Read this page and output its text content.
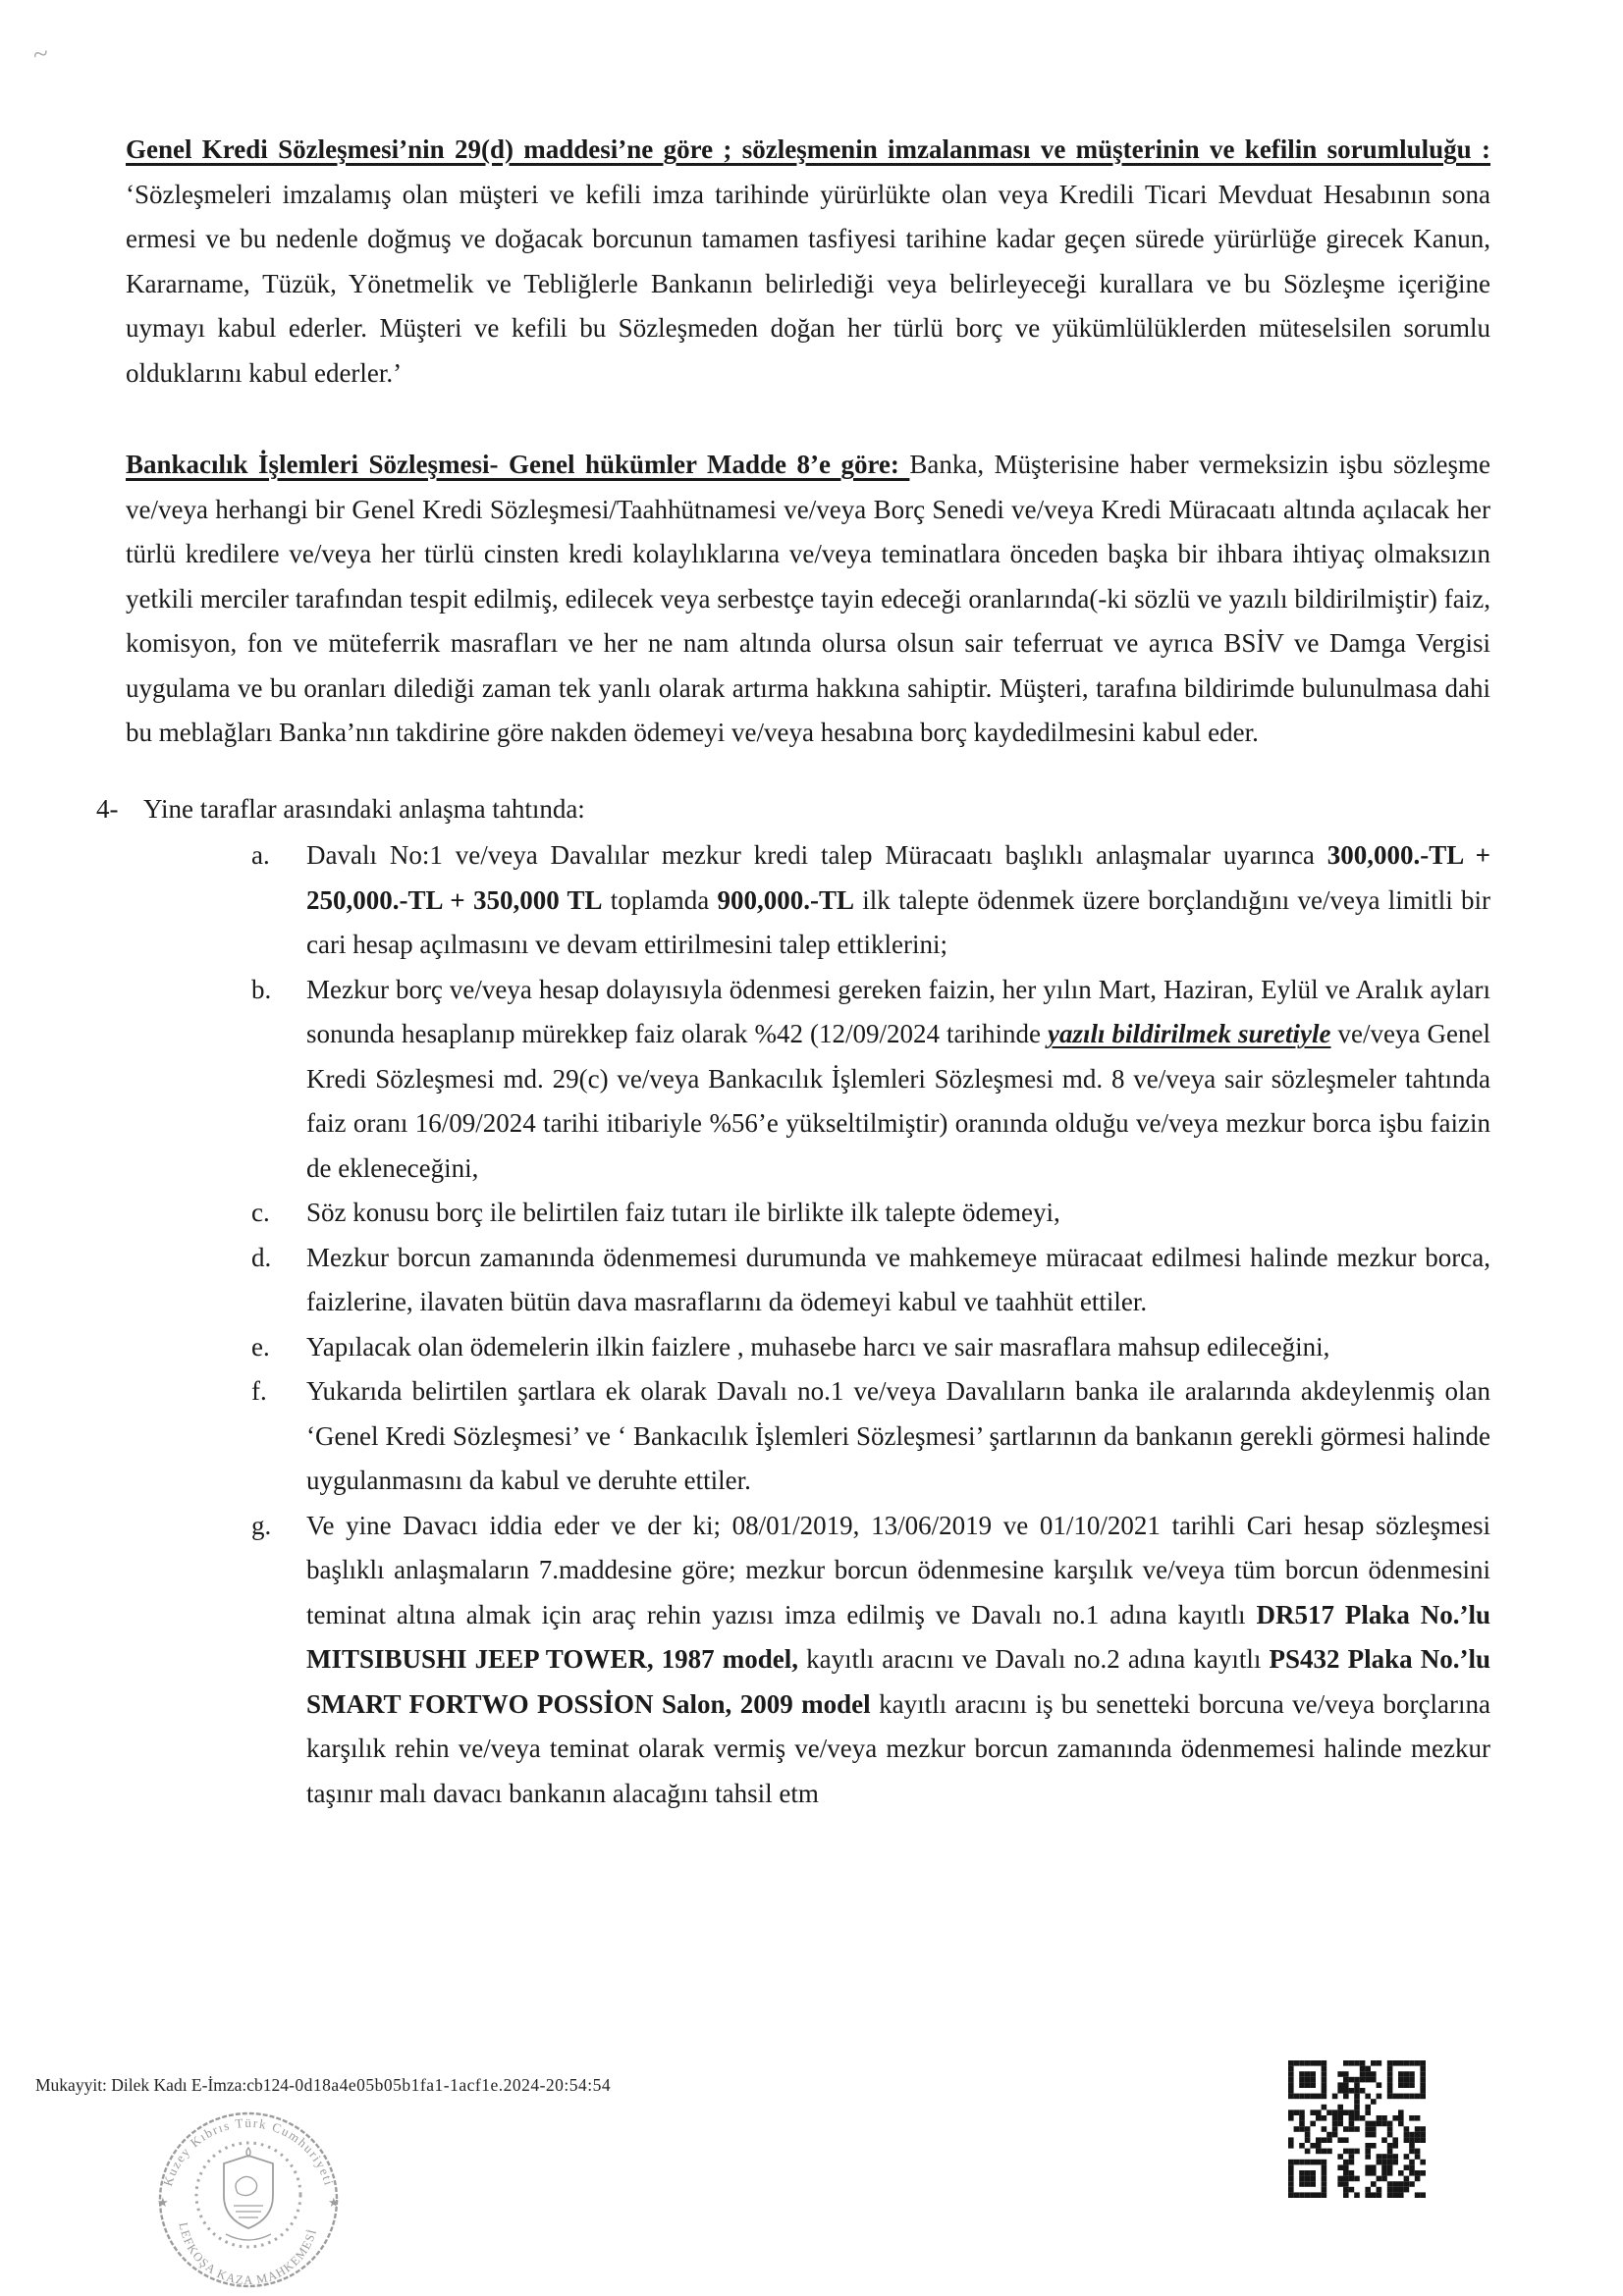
~

Genel Kredi Sözleşmesi’nin 29(d) maddesi’ne göre ; sözleşmenin imzalanması ve müşterinin ve kefilin sorumluluğu : ‘Sözleşmeleri imzalamış olan müşteri ve kefili imza tarihinde yürürlükte olan veya Kredili Ticari Mevduat Hesabının sona ermesi ve bu nedenle doğmuş ve doğacak borcunun tamamen tasfiyesi tarihine kadar geçen sürede yürürlüğe girecek Kanun, Kararname, Tüzük, Yönetmelik ve Tebliğlerle Bankanın belirlediği veya belirleyeceği kurallara ve bu Sözleşme içeriğine uymayı kabul ederler. Müşteri ve kefili bu Sözleşmeden doğan her türlü borç ve yükümlülüklerden müteselsilen sorumlu olduklarını kabul ederler.’

Bankacılık İşlemleri Sözleşmesi- Genel hükümler Madde 8’e göre: Banka, Müşterisine haber vermeksizin işbu sözleşme ve/veya herhangi bir Genel Kredi Sözleşmesi/Taahhütnamesi ve/veya Borç Senedi ve/veya Kredi Müracaatı altında açılacak her türlü kredilere ve/veya her türlü cinsten kredi kolaylıklarına ve/veya teminatlara önceden başka bir ihbara ihtiyaç olmaksızın yetkili merciler tarafından tespit edilmiş, edilecek veya serbestçe tayin edeceği oranlarında(-ki sözlü ve yazılı bildirilmiştir) faiz, komisyon, fon ve müteferrik masrafları ve her ne nam altında olursa olsun sair teferruat ve ayrıca BSİV ve Damga Vergisi uygulama ve bu oranları dilediği zaman tek yanlı olarak artırma hakkına sahiptir. Müşteri, tarafına bildirimde bulunulmasa dahi bu meblağları Banka’nın takdirine göre nakden ödemeyi ve/veya hesabına borç kaydedilmesini kabul eder.

4- Yine taraflar arasındaki anlaşma tahtında:
a.	Davalı No:1 ve/veya Davalılar mezkur kredi talep Müracaatı başlıklı anlaşmalar uyarınca 300,000.-TL + 250,000.-TL + 350,000 TL toplamda 900,000.-TL ilk talepte ödenmek üzere borçlandığını ve/veya limitli bir cari hesap açılmasını ve devam ettirilmesini talep ettiklerini;
b.	Mezkur borç ve/veya hesap dolayısıyla ödenmesi gereken faizin, her yılın Mart, Haziran, Eylül ve Aralık ayları sonunda hesaplanıp mürekkep faiz olarak %42 (12/09/2024 tarihinde yazılı bildirilmek suretiyle ve/veya Genel Kredi Sözleşmesi md. 29(c) ve/veya Bankacılık İşlemleri Sözleşmesi md. 8 ve/veya sair sözleşmeler tahtında faiz oranı 16/09/2024 tarihi itibariyle %56’e yükseltilmiştir) oranında olduğu ve/veya mezkur borca işbu faizin de ekleneceğini,
c.	Söz konusu borç ile belirtilen faiz tutarı ile birlikte ilk talepte ödemeyi,
d.	Mezkur borcun zamanında ödenmemesi durumunda ve mahkemeye müracaat edilmesi halinde mezkur borca, faizlerine, ilavaten bütün dava masraflarını da ödemeyi kabul ve taahhüt ettiler.
e.	Yapılacak olan ödemelerin ilkin faizlere , muhasebe harcı ve sair masraflara mahsup edileceğini,
f.	Yukarıda belirtilen şartlara ek olarak Davalı no.1 ve/veya Davalıların banka ile aralarında akdeylenmiş olan ‘Genel Kredi Sözleşmesi’ ve ‘ Bankacılık İşlemleri Sözleşmesi’ şartlarının da bankanın gerekli görmesi halinde uygulanmasını da kabul ve deruhte ettiler.
g.	Ve yine Davacı iddia eder ve der ki; 08/01/2019, 13/06/2019 ve 01/10/2021 tarihli Cari hesap sözleşmesi başlıklı anlaşmaların 7.maddesine göre; mezkur borcun ödenmesine karşılık ve/veya tüm borcun ödenmesini teminat altına almak için araç rehin yazısı imza edilmiş ve Davalı no.1 adına kayıtlı DR517 Plaka No.’lu MITSIBUSHI JEEP TOWER, 1987 model, kayıtlı aracını ve Davalı no.2 adına kayıtlı PS432 Plaka No.’lu SMART FORTWO POSSİON Salon, 2009 model kayıtlı aracını iş bu senetteki borcuna ve/veya borçlarına karşılık rehin ve/veya teminat olarak vermiş ve/veya mezkur borcun zamanında ödenmemesi halinde mezkur taşınır malı davacı bankanın alacağını tahsil etm
Mukayyit: Dilek Kadı E-İmza:cb124-0d18a4e05b05b1fa1-1acf1e.2024-20:54:54
Kuzey Kıbrıs Türk Cumhuriyeti
LEFKOŞA KAZA MAHKEMESİ
★	★
